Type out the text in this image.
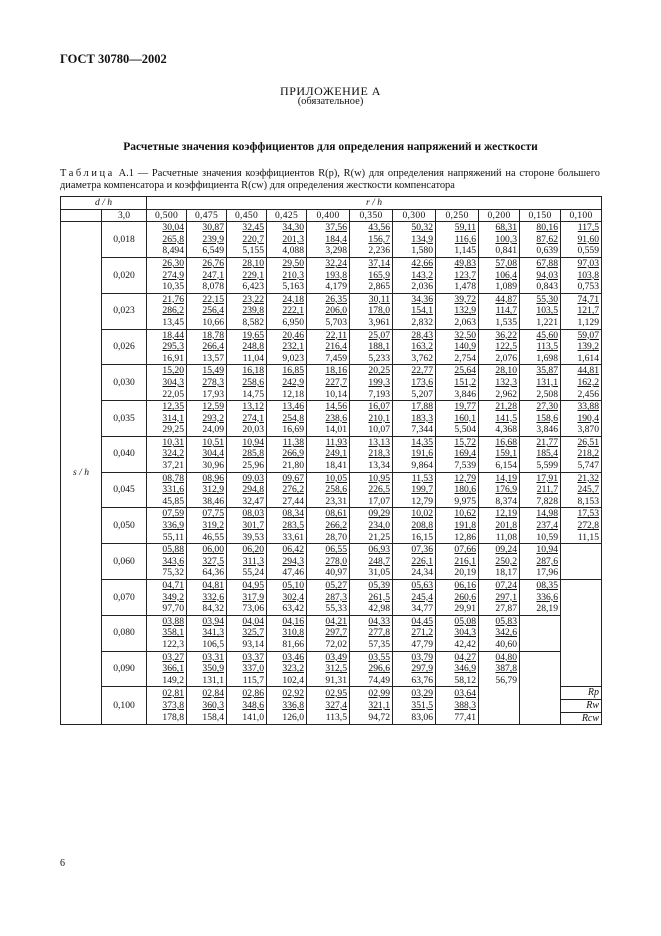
ГОСТ 30780—2002
ПРИЛОЖЕНИЕ А
(обязательное)
Расчетные значения коэффициентов для определения напряжений и жесткости
Таблица А.1 — Расчетные значения коэффициентов R(p), R(w) для определения напряжений на стороне большего диаметра компенсатора и коэффициента R(cw) для определения жесткости компенсатора
d / h		r / h										
	3,0	0,500	0,475	0,450	0,425	0,400	0,350	0,300	0,250	0,200	0,150	0,100
s / h	0,018	30,04	30,87	32,45	34,30	37,56	43,56	50,32	59,11	68,31	80,16	117,5
		265,8	239,9	220,7	201,3	184,4	156,7	134,9	116,6	100,3	87,62	91,60
		8,494	6,549	5,155	4,088	3,298	2,236	1,580	1,145	0,841	0,639	0,559
	0,020	26,30	26,76	28,10	29,50	32,24	37,14	42,66	49,83	57,08	67,88	97,03
		274,9	247,1	229,1	210,3	193,8	165,9	143,2	123,7	106,4	94,03	103,8
		10,35	8,078	6,423	5,163	4,179	2,865	2,036	1,478	1,089	0,843	0,753
	0,023	21,76	22,15	23,22	24,18	26,35	30,11	34,36	39,72	44,87	55,30	74,71
		286,2	256,4	239,8	222,1	206,0	178,0	154,1	132,9	114,7	103,5	121,7
		13,45	10,66	8,582	6,950	5,703	3,961	2,832	2,063	1,535	1,221	1,129
	0,026	18,44	18,78	19,65	20,46	22,11	25,07	28,43	32,50	36,22	45,60	59,07
		295,3	266,4	248,8	232,1	216,4	188,1	163,2	140,9	122,5	113,5	139,2
		16,91	13,57	11,04	9,023	7,459	5,233	3,762	2,754	2,076	1,698	1,614
	0,030	15,20	15,49	16,18	16,85	18,16	20,25	22,77	25,64	28,10	35,87	44,81
		304,3	278,3	258,6	242,9	227,7	199,3	173,6	151,2	132,3	131,1	162,2
		22,05	17,93	14,75	12,18	10,14	7,193	5,207	3,846	2,962	2,508	2,456
	0,035	12,35	12,59	13,12	13,46	14,56	16,07	17,88	19,77	21,28	27,30	33,88
		314,1	293,2	274,1	254,8	238,6	210,1	183,3	160,1	141,5	158,6	190,4
		29,25	24,09	20,03	16,69	14,01	10,07	7,344	5,504	4,368	3,846	3,870
	0,040	10,31	10,51	10,94	11,38	11,93	13,13	14,35	15,72	16,68	21,77	26,51
		324,2	304,4	285,8	266,9	249,1	218,3	191,6	169,4	159,1	185,4	218,2
		37,21	30,96	25,96	21,80	18,41	13,34	9,864	7,539	6,154	5,599	5,747
	0,045	08,78	08,96	09,03	09,67	10,05	10,95	11,53	12,79	14,19	17,91	21,32
		331,6	312,9	294,8	276,2	258,6	226,5	199,7	180,6	176,9	211,7	245,7
		45,85	38,46	32,47	27,44	23,31	17,07	12,79	9,975	8,374	7,828	8,153
	0,050	07,59	07,75	08,03	08,34	08,61	09,29	10,02	10,62	12,19	14,98	17,53
		336,9	319,2	301,7	283,5	266,2	234,0	208,8	191,8	201,8	237,4	272,8
		55,11	46,55	39,53	33,61	28,70	21,25	16,15	12,86	11,08	10,59	11,15
	0,060	05,88	06,00	06,20	06,42	06,55	06,93	07,36	07,66	09,24	10,94	
		343,6	327,5	311,3	294,3	278,0	248,7	226,1	216,1	250,2	287,6	
		75,32	64,36	55,24	47,46	40,97	31,05	24,34	20,19	18,17	17,96	
	0,070	04,71	04,81	04,95	05,10	05,27	05,39	05,63	06,16	07,24	08,35	
		349,2	332,6	317,9	302,4	287,3	261,5	245,4	260,6	297,1	336,6	
		97,70	84,32	73,06	63,42	55,33	42,98	34,77	29,91	27,87	28,19	
	0,080	03,88	03,94	04,04	04,16	04,21	04,33	04,45	05,08	05,83		
		358,1	341,3	325,7	310,8	297,7	277,8	271,2	304,3	342,6		
		122,3	106,5	93,14	81,66	72,02	57,35	47,79	42,42	40,60		
	0,090	03,27	03,31	03,37	03,46	03,49	03,55	03,79	04,27	04,80		
		366,1	350,9	337,0	323,2	312,5	296,6	297,9	346,9	387,8		
		149,2	131,1	115,7	102,4	91,31	74,49	63,76	58,12	56,79		
	0,100	02,81	02,84	02,86	02,92	02,95	02,99	03,29	03,64			Rp
		373,8	360,3	348,6	336,8	327,4	321,1	351,5	388,3			Rw
		178,8	158,4	141,0	126,0	113,5	94,72	83,06	77,41			Rcw
6
